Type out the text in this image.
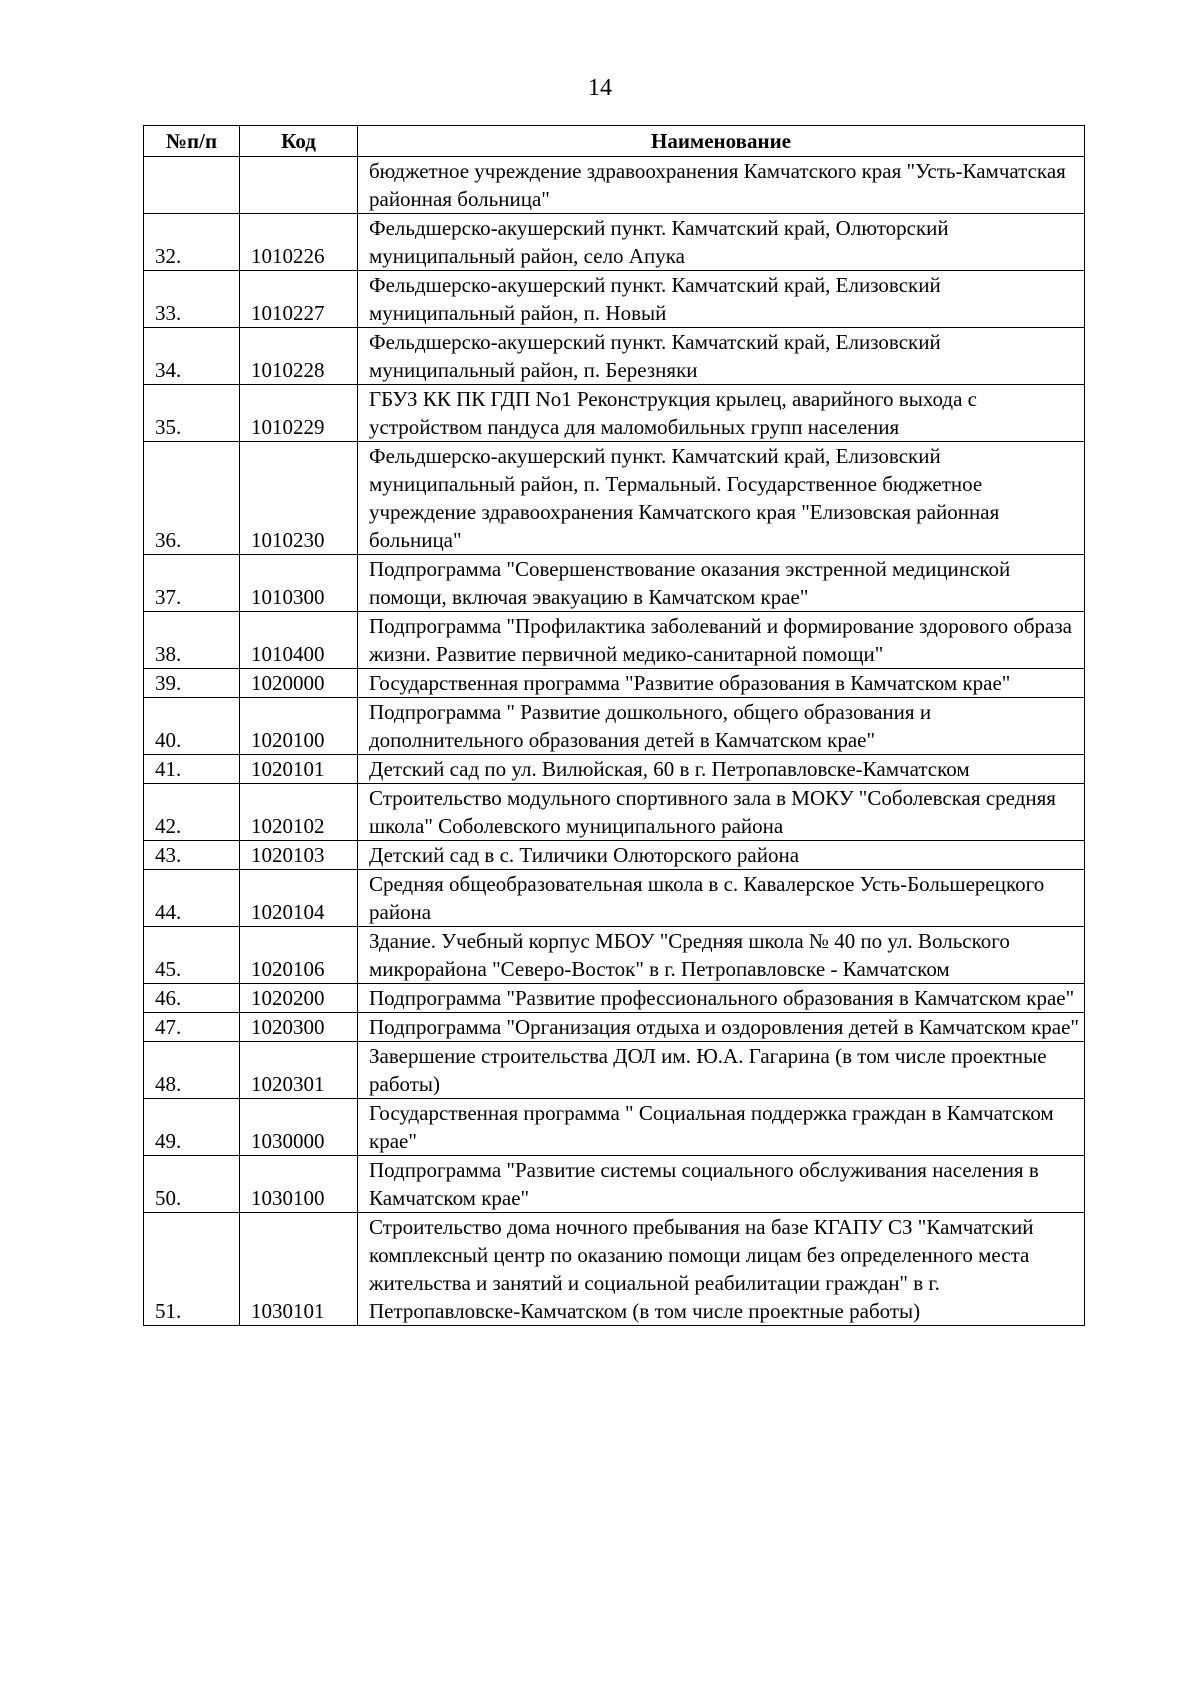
14
№п/п	Код	Наименование
		бюджетное учреждение здравоохранения Камчатского края "Усть-Камчатская районная больница"
32.	1010226	Фельдшерско-акушерский пункт. Камчатский край, Олюторский муниципальный район, село Апука
33.	1010227	Фельдшерско-акушерский пункт. Камчатский край, Елизовский муниципальный район, п. Новый
34.	1010228	Фельдшерско-акушерский пункт. Камчатский край, Елизовский муниципальный район, п. Березняки
35.	1010229	ГБУЗ КК ПК ГДП No1 Реконструкция крылец, аварийного выхода с устройством пандуса для маломобильных групп населения
36.	1010230	Фельдшерско-акушерский пункт. Камчатский край, Елизовский муниципальный район, п. Термальный. Государственное бюджетное учреждение здравоохранения Камчатского края "Елизовская районная больница"
37.	1010300	Подпрограмма "Совершенствование оказания экстренной медицинской помощи, включая эвакуацию в Камчатском крае"
38.	1010400	Подпрограмма "Профилактика заболеваний и формирование здорового образа жизни. Развитие первичной медико-санитарной помощи"
39.	1020000	Государственная программа "Развитие образования в Камчатском крае"
40.	1020100	Подпрограмма " Развитие дошкольного, общего образования и дополнительного образования детей в Камчатском крае"
41.	1020101	Детский сад по ул. Вилюйская, 60 в г. Петропавловске-Камчатском
42.	1020102	Строительство модульного спортивного зала в МОКУ "Соболевская средняя школа" Соболевского муниципального района
43.	1020103	Детский сад в с. Тиличики Олюторского района
44.	1020104	Средняя общеобразовательная школа в с. Кавалерское Усть-Большерецкого района
45.	1020106	Здание. Учебный корпус МБОУ "Средняя школа № 40 по ул. Вольского микрорайона "Северо-Восток" в г. Петропавловске - Камчатском
46.	1020200	Подпрограмма "Развитие профессионального образования в Камчатском крае"
47.	1020300	Подпрограмма "Организация отдыха и оздоровления детей в Камчатском крае"
48.	1020301	Завершение строительства ДОЛ им. Ю.А. Гагарина (в том числе проектные работы)
49.	1030000	Государственная программа " Социальная поддержка граждан в Камчатском крае"
50.	1030100	Подпрограмма "Развитие системы социального обслуживания населения в Камчатском крае"
51.	1030101	Строительство дома ночного пребывания на базе КГАПУ СЗ "Камчатский комплексный центр по оказанию помощи лицам без определенного места жительства и занятий и социальной реабилитации граждан" в г. Петропавловске-Камчатском (в том числе проектные работы)
